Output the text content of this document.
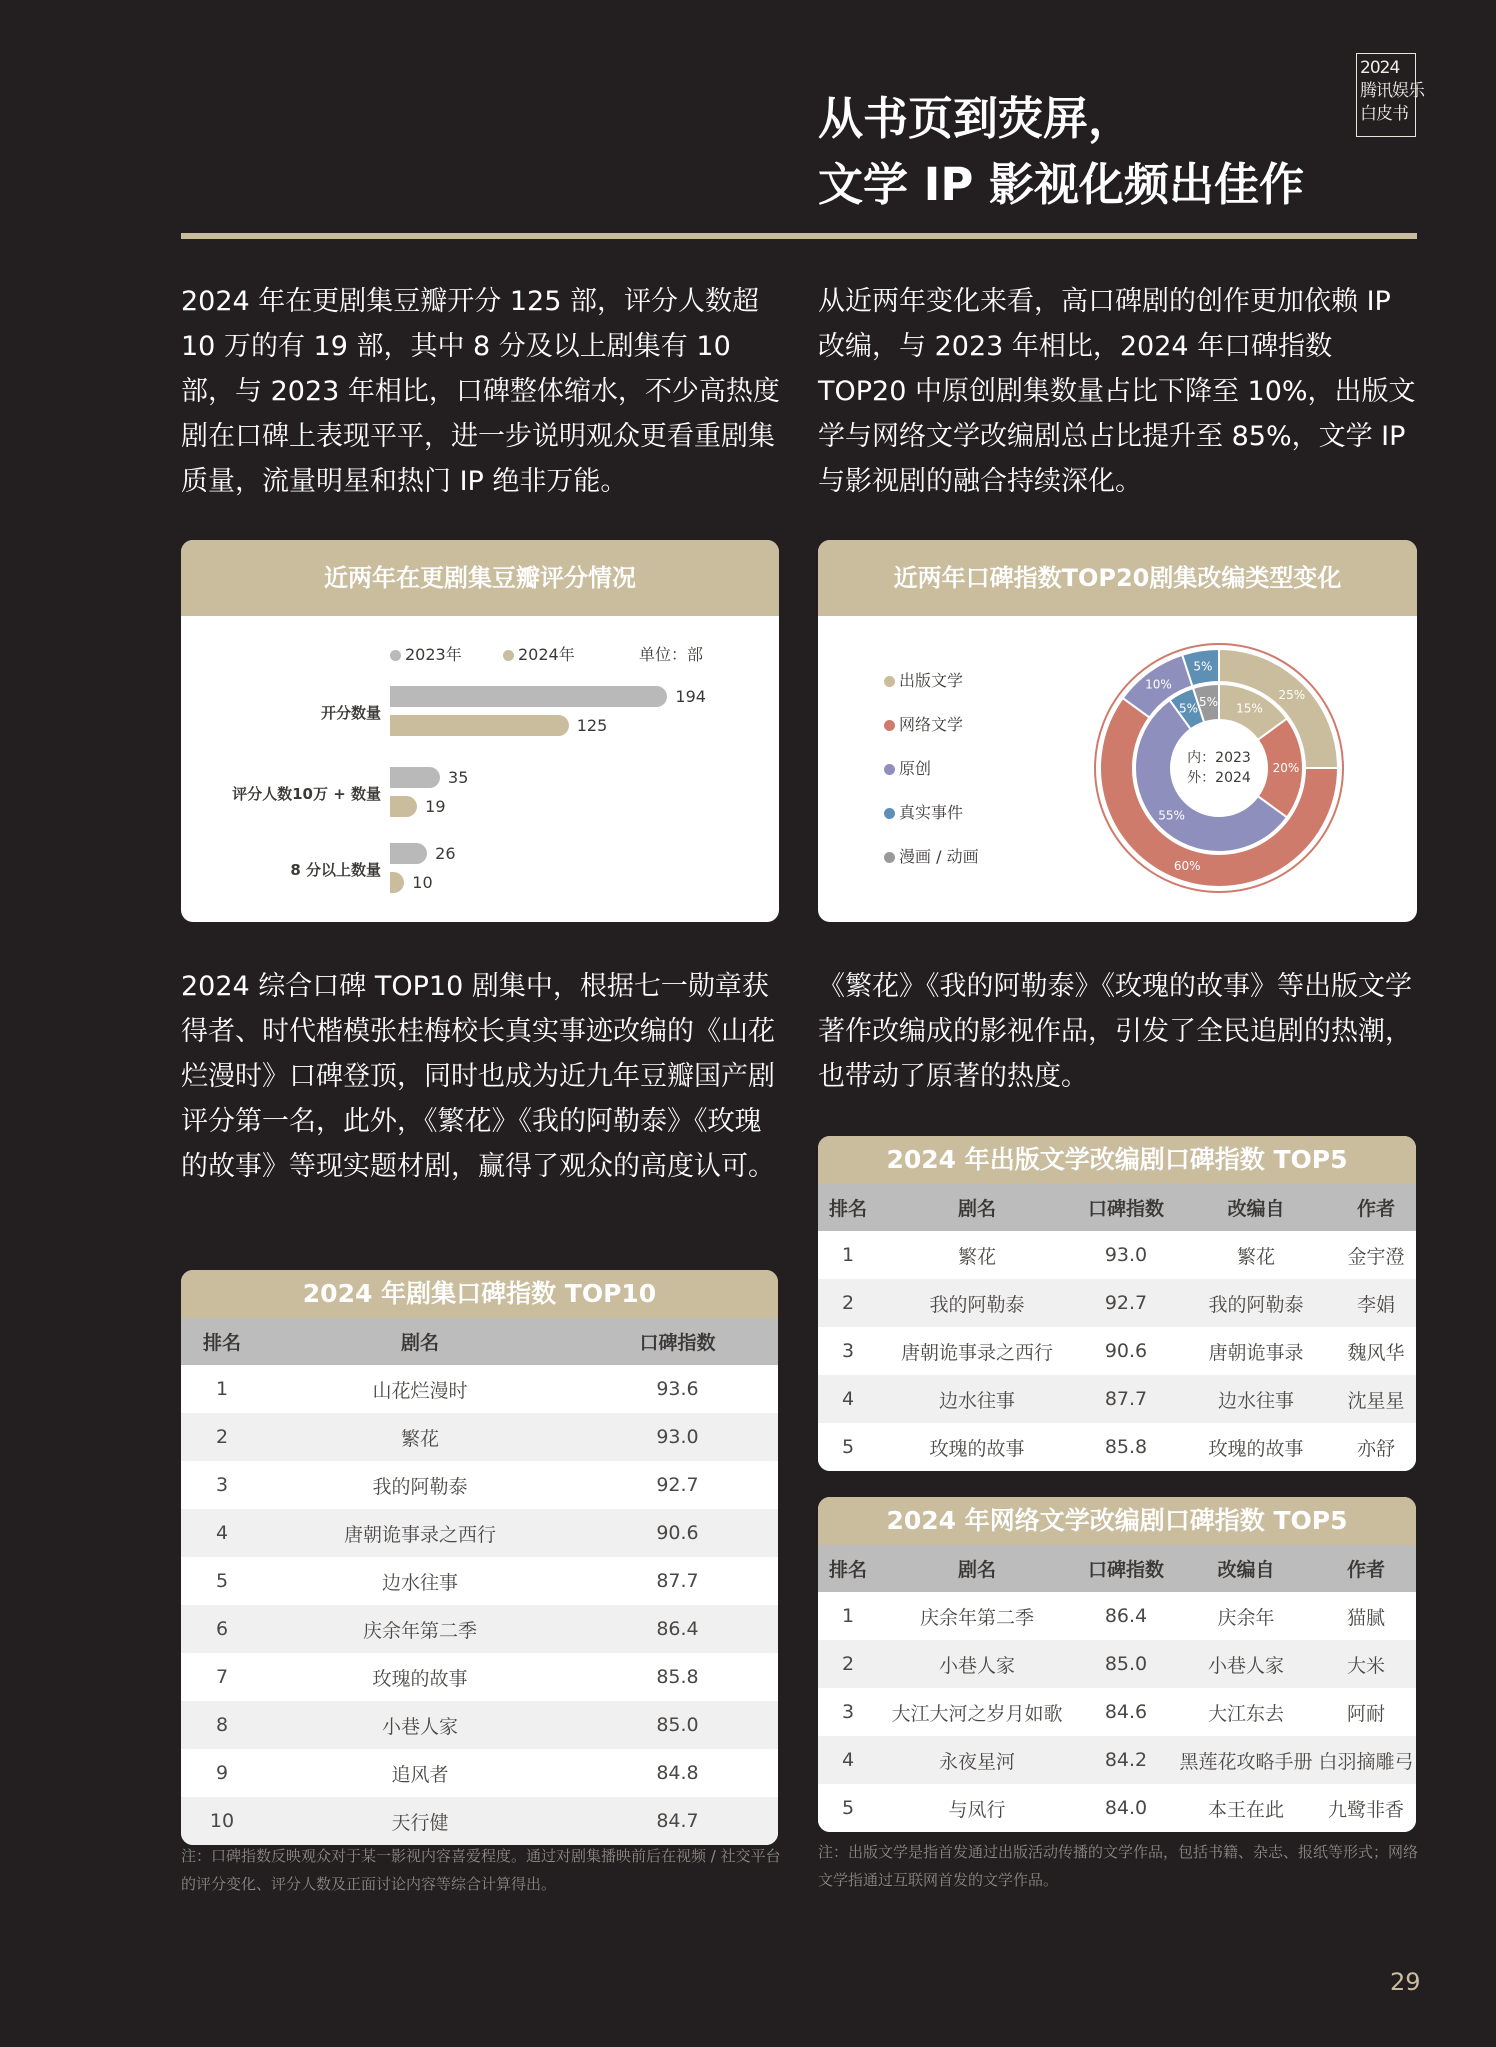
2024
腾讯娱乐
白皮书
从书页到荧屏，
文学 IP 影视化频出佳作
2024 年在更剧集豆瓣开分 125 部，评分人数超 10 万的有 19 部，其中 8 分及以上剧集有 10 部，与 2023 年相比，口碑整体缩水，不少高热度剧在口碑上表现平平，进一步说明观众更看重剧集质量，流量明星和热门 IP 绝非万能。
从近两年变化来看，高口碑剧的创作更加依赖 IP 改编，与 2023 年相比，2024 年口碑指数 TOP20 中原创剧集数量占比下降至 10%，出版文学与网络文学改编剧总占比提升至 85%，文学 IP 与影视剧的融合持续深化。
近两年在更剧集豆瓣评分情况
2023年	2024年	单位：部
开分数量
194
125
评分人数10万 + 数量
35
19
8 分以上数量
26
10
近两年口碑指数TOP20剧集改编类型变化
出版文学
网络文学
原创
真实事件
漫画 / 动画
25%
60%
10%
5%
15%
20%
55%
5% 5%
内：2023
外：2024
2024 综合口碑 TOP10 剧集中，根据七一勋章获得者、时代楷模张桂梅校长真实事迹改编的《山花烂漫时》口碑登顶，同时也成为近九年豆瓣国产剧评分第一名，此外，《繁花》《我的阿勒泰》《玫瑰的故事》等现实题材剧，赢得了观众的高度认可。
《繁花》《我的阿勒泰》《玫瑰的故事》等出版文学著作改编成的影视作品，引发了全民追剧的热潮，也带动了原著的热度。
2024 年剧集口碑指数 TOP10
排名	剧名	口碑指数
1	山花烂漫时	93.6
2	繁花	93.0
3	我的阿勒泰	92.7
4	唐朝诡事录之西行	90.6
5	边水往事	87.7
6	庆余年第二季	86.4
7	玫瑰的故事	85.8
8	小巷人家	85.0
9	追风者	84.8
10	天行健	84.7
2024 年出版文学改编剧口碑指数 TOP5
排名	剧名	口碑指数	改编自	作者
1	繁花	93.0	繁花	金宇澄
2	我的阿勒泰	92.7	我的阿勒泰	李娟
3	唐朝诡事录之西行	90.6	唐朝诡事录	魏风华
4	边水往事	87.7	边水往事	沈星星
5	玫瑰的故事	85.8	玫瑰的故事	亦舒
2024 年网络文学改编剧口碑指数 TOP5
排名	剧名	口碑指数	改编自	作者
1	庆余年第二季	86.4	庆余年	猫腻
2	小巷人家	85.0	小巷人家	大米
3	大江大河之岁月如歌	84.6	大江东去	阿耐
4	永夜星河	84.2	黑莲花攻略手册	白羽摘雕弓
5	与凤行	84.0	本王在此	九鹭非香
注：口碑指数反映观众对于某一影视内容喜爱程度。通过对剧集播映前后在视频 / 社交平台的评分变化、评分人数及正面讨论内容等综合计算得出。
注：出版文学是指首发通过出版活动传播的文学作品，包括书籍、杂志、报纸等形式；网络文学指通过互联网首发的文学作品。
29
